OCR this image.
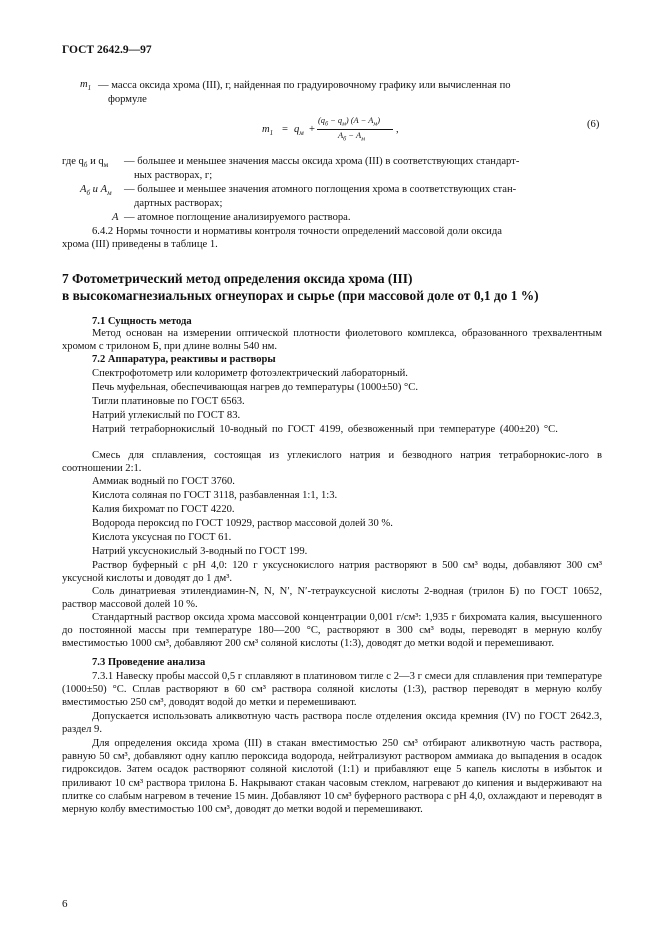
ГОСТ 2642.9—97
$m_1$ — масса оксида хрома (III), г, найденная по градуировочному графику или вычисленная по
формуле
$m_1 = q_м$ +
$(q_б - q_м) (A - A_м)$
$A_б - A_м$
,	(6)
где $q_б$ и $q_м$ — большее и меньшее значения массы оксида хрома (III) в соответствующих стандарт-
ных растворах, г;
$A_б$ и $A_м$ — большее и меньшее значения атомного поглощения хрома в соответствующих стан-
дартных растворах;
A — атомное поглощение анализируемого раствора.
6.4.2 Нормы точности и нормативы контроля точности определений массовой доли оксида
хрома (III) приведены в таблице 1.
7 Фотометрический метод определения оксида хрома (III)
в высокомагнезиальных огнеупорах и сырье (при массовой доле от 0,1 до 1 %)
7.1 Сущность метода
Метод основан на измерении оптической плотности фиолетового комплекса, образованного трехвалентным хромом с трилоном Б, при длине волны 540 нм.
7.2 Аппаратура, реактивы и растворы
Спектрофотометр или колориметр фотоэлектрический лабораторный.
Печь муфельная, обеспечивающая нагрев до температуры (1000±50) °С.
Тигли платиновые по ГОСТ 6563.
Натрий углекислый по ГОСТ 83.
Натрий тетраборнокислый 10-водный по ГОСТ 4199, обезвоженный при температуре (400±20) °С.
Смесь для сплавления, состоящая из углекислого натрия и безводного натрия тетраборнокис-лого в соотношении 2:1.
Аммиак водный по ГОСТ 3760.
Кислота соляная по ГОСТ 3118, разбавленная 1:1, 1:3.
Калия бихромат по ГОСТ 4220.
Водорода пероксид по ГОСТ 10929, раствор массовой долей 30 %.
Кислота уксусная по ГОСТ 61.
Натрий уксуснокислый 3-водный по ГОСТ 199.
Раствор буферный с рН 4,0: 120 г уксуснокислого натрия растворяют в 500 см³ воды, добавляют 300 см³ уксусной кислоты и доводят до 1 дм³.
Соль динатриевая этилендиамин-N, N, N′, N′-тетрауксусной кислоты 2-водная (трилон Б) по ГОСТ 10652, раствор массовой долей 10 %.
Стандартный раствор оксида хрома массовой концентрации 0,001 г/см³: 1,935 г бихромата калия, высушенного до постоянной массы при температуре 180—200 °С, растворяют в 300 см³ воды, переводят в мерную колбу вместимостью 1000 см³, добавляют 200 см³ соляной кислоты (1:3), доводят до метки водой и перемешивают.
7.3 Проведение анализа
7.3.1 Навеску пробы массой 0,5 г сплавляют в платиновом тигле с 2—3 г смеси для сплавления при температуре (1000±50) °С. Сплав растворяют в 60 см³ раствора соляной кислоты (1:3), раствор переводят в мерную колбу вместимостью 250 см³, доводят водой до метки и перемешивают.
Допускается использовать аликвотную часть раствора после отделения оксида кремния (IV) по ГОСТ 2642.3, раздел 9.
Для определения оксида хрома (III) в стакан вместимостью 250 см³ отбирают аликвотную часть раствора, равную 50 см³, добавляют одну каплю пероксида водорода, нейтрализуют раствором аммиака до выпадения в осадок гидроксидов. Затем осадок растворяют соляной кислотой (1:1) и прибавляют еще 5 капель кислоты в избыток и приливают 10 см³ раствора трилона Б. Накрывают стакан часовым стеклом, нагревают до кипения и выдерживают на плитке со слабым нагревом в течение 15 мин. Добавляют 10 см³ буферного раствора с рН 4,0, охлаждают и переводят в мерную колбу вместимостью 100 см³, доводят до метки водой и перемешивают.
6
